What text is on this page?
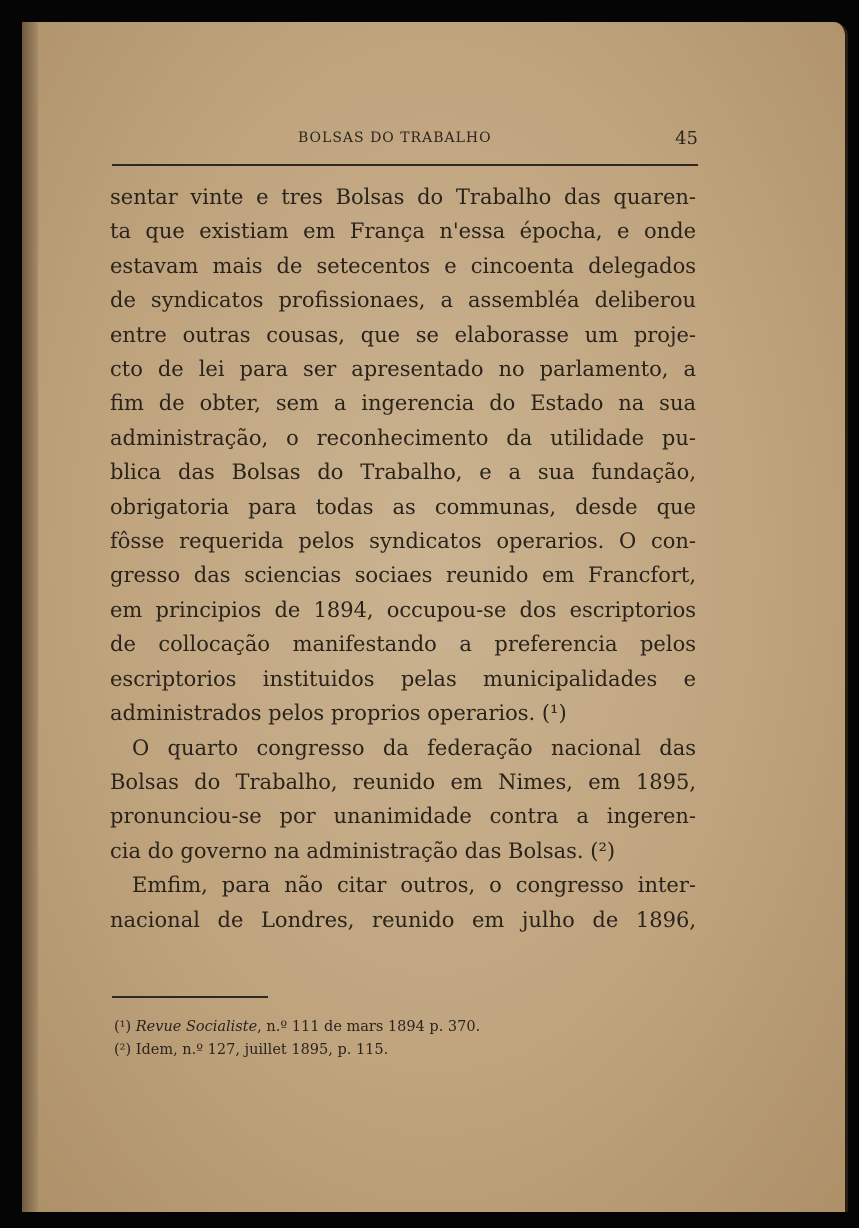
BOLSAS DO TRABALHO	45
sentar vinte e tres Bolsas do Trabalho das quaren-
ta que existiam em França n'essa époch​a, e onde
estavam mais de setecentos e cincoenta delegados
de syndicatos profissionaes, a assembléa deliberou
entre outras cousas, que se elaborasse um proje-
cto de lei para ser apresentado no parlamento, a
fim de obter, sem a ingerencia do Estado na sua
administração, o reconhecimento da utilidade pu-
blica das Bolsas do Trabalho, e a sua fundação,
obrigatoria para todas as communas, desde que
fôsse requerida pelos syndicatos operarios. O con-
gresso das sciencias sociaes reunido em Francfort,
em principios de 1894, occupou-se dos escriptorios
de collocação manifestando a preferencia pelos
escriptorios instituidos pelas municipalidades e
administrados pelos proprios operarios. (¹)
O quarto congresso da federação nacional das
Bolsas do Trabalho, reunido em Nimes, em 1895,
pronunciou-se por unanimidade contra a ingeren-
cia do governo na administração das Bolsas. (²)
Emfim, para não citar outros, o congresso inter-
nacional de Londres, reunido em julho de 1896,
(¹) Revue Socialiste, n.º 111 de mars 1894 p. 370.
(²) Idem, n.º 127, juillet 1895, p. 115.
